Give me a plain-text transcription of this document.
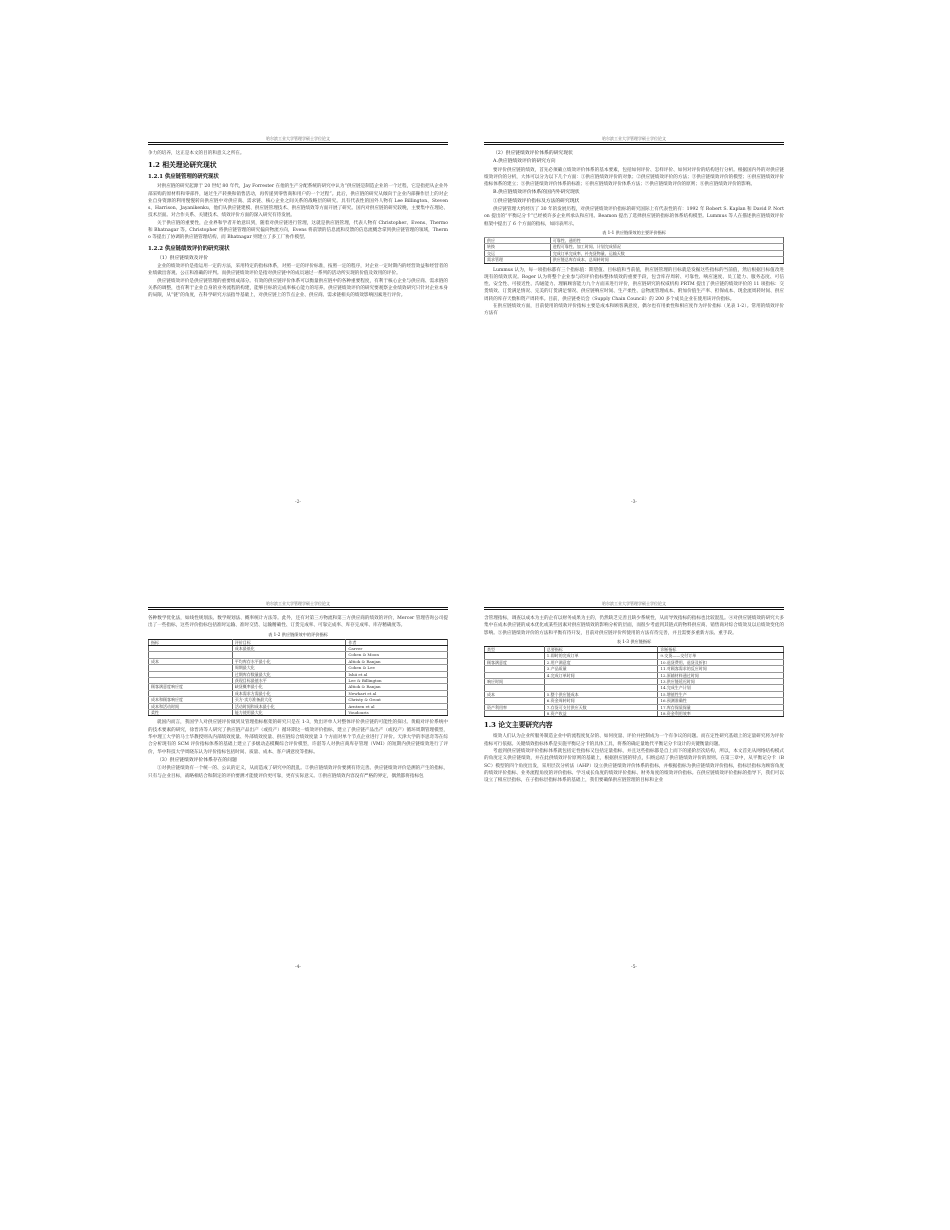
哈尔滨工业大学管理学硕士学位论文

争力的培养，这正是本文的目的和意义之所在。

1.2 相关理论研究现状
1.2.1 供应链管理的研究现状

对供应链的研究起源于 20 世纪 80 年代，Jay Forrester 在他的生产分配系统的研究中认为“供应链是制造企业的一个过程，它是指把从企业外部采购的原材料和零部件，通过生产转换和销售活动，再传递到零售商和用户的一个过程”。此后，供应链的研究从倾向于企业内部操作层上的对企业自身资源的利用慢慢转向供应链中对供应商、需求链、核心企业之间关系的战略层的研究。具有代表性的国外人物有 Lee Billington、Stevens、Harrison、Jayanikenku，他们从供应链建模、供应链管理技术、供应链绩效等方面开展了研究。国内对供应链的研究较晚，主要集中在理论、技术层面。对合作关系、关键技术、绩效评价方面的深入研究有待发展。

关于供应链的重要性，企业界和学者开始意识到，随着对供应链进行管理，这就是供应链管理，代表人物有 Christopher、Evens、Thermo 和 Bhatnagar 等。Christopher 将供应链管理的研究偏向物流方向，Evens 将前馈的信息流和反馈的信息流概念拿到供应链管理的领域，Thermo 等提出了协调的供应链管理结构，而 Bhatnagar 则建立了多工厂协作模型。

1.2.2 供应链绩效评价的研究现状
（1）供应链绩效及评价

企业的绩效评价是指运用一定的方法，采用特定的指标体系，对照一定的评价标准，按照一定的程序，对企业一定时期内的经营效益和经营者的业绩做出客观、公正和准确的评判。而供应链绩效评价是指对供应链中的成员通过一系列的活动所实现的价值及效用的评价。

供应链绩效评价是供应链管理的重要组成部分。有效的供应链评价体系可以衡量供应链中的各种重要程度，有利于核心企业与供应商、需求链的关系的调整，也有利于企业自身的业务流程的构建，能够目标的完成率核心能力的培养。供应链绩效评价的研究要观察企业绩效研究只针对企业本身的局限，从“链”的角度，在科学研究方法指导基础上，对供应链上的节点企业、供应商、需求链相关的绩效影响因素进行评价。

-2-
哈尔滨工业大学管理学硕士学位论文
（2）供应链绩效评价体系的研究现状
A.供应链绩效评价的研究方向

要评价供应链的绩效，首先必须确立绩效评价体系的基本要素，包括如何评价、怎样评价、如何对评价的结构进行分析。根据国内外的对供应链绩效评价的分析，大体可以分为以下几个方面：①供应链绩效评价的对象；②供应链绩效评价的方法；③供应链绩效评价的模型；④供应链绩效评价指标体系的建立；⑤供应链绩效评价体系的标准；⑥供应链绩效评价体系方法；⑦供应链绩效评价的原则；⑧供应链绩效评价的影响。

B.供应链绩效评价体系的国内外研究现状
①供应链绩效评价指标及方法的研究现状

供应链管理大约经历了 30 年的发展历程，对供应链绩效评价指标的研究国际上有代表性的有：1992 年 Robert S. Kaplan 和 David P. Norton 提出的“平衡记分卡”已经被许多企业所承认和应用。Beamon 提出了选择供应链的指标的体系结构模型。Lummus 等人在描述供应链绩效评价框架中提出了 6 个方面的指标，如同表所示。

表 1-1 供应链绩效的主要评价指标
供应	可靠性、通用性
转换	进程可靠性、加工时间、计划完成情况
交运	完成订单完成率、补充货物量、运输天数
需求管理	供应链总库存成本、总周转时间

Lummus 认为，每一项指标都有三个指标值：期望值、目标值和当前值，供应链管理的目标就是发掘这些指标的当前值，然后根据目标值改进现有的绩效状况。Roger 认为将整个企业参与的评价指标整体绩效的重要手段，包含库存周转、可靠性、响应速度、员工能力、服务态度、可信性、安全性、可接近性、沟通能力、理解顾客能力九个方面来进行评价，供应链研究的权威机构 PRTM 提出了供应链的绩效评价的 11 项指标：交货绩效、订货满足情况、完美的订货满足情况、供应链响应时间、生产柔性、总物流管理成本、附加价值生产率、担保成本、现金流周转时间、供应周转的库存天数和资产周转率。目前，供应链委员会（Supply Chain Council）的 200 多个成员企业在使用该评价指标。

在供应链绩效方面，目前使用的绩效评价指标主要是成本和顾客满意度，偶尔也有用柔性和相应度作为评价指标（见表 1-2）。常用的绩效评价方法有

-3-
哈尔滨工业大学管理学硕士学位论文

各种数学优化法，如线性规划法、数学规划法、概率统计方法等。此外，还有对第三方物流和第三方供应商的绩效的评价，Mercer 管理咨询公司提出了一些指标，这些评价指标包括准时运输、准时交货、运输精确性、订货完成率、可靠完成率、库存完成率、库存精确度等。

表 1-2 供应链绩效中的评价指标
指标	评价目标	作者
	成本最低化	Carver
		Cohen & Moon
成本	平均库存水平最小化	Altiok & Ranjan
	周期最大化	Cohen & Lee
	过期库存数量最大化	Ishii et al
	获现目标最值水平	Lee & Billington
顾客满意度响应度	缺货概率最小化	Altiok & Ranjan
	成本需求方需最小化	Newhart et al
成本和顾客响应度	买方-卖方准备最大化	Christy & Grout
成本和活动时间	活动时间和成本最小化	Arntzen et al
柔性	能力使用最大化	Voudouris

就国内而言，我国学人对供应链评价做到及管理指标框架的研究只是在 1-3，致出评单人对整体评价供应链的可能性的探讨。黄殿对评价系统中的技术要素的研究，徐晋涛等人研究了供应链产品出产（或投产）循环期这一绩效评价指标，建立了供应链产品出产（或投产）循环周期管理模型，华中理工大学的马士华教授则从内部绩效度量、外部绩效度量、供应链综合绩效度量 3 个方面对单个节点企业进行了评价。天津大学的李思奇等在综合分析现有的 SCM 评价指标体系的基础上建立了多级动态模糊综合评价模型，许湛等人对供应商库存管理（VMI）的短期内供应链绩效进行了评价，华中科技大学周晓东认为评价指标包括时间、质量、成本、客户满意度等指标。

（3）供应链绩效评价体系存在的问题

①对供应链绩效有一个统一的、公认的定义，从而造成了研究中的混乱。②供应链绩效评价要测有待完善。供应链绩效评价是测的产生的指标，只有与企业目标，战略相结合和制定的评价要测才能使评价更可靠，更有实际意义。③供应链绩效内容没有严格的界定，偶然都将指标包

-4-
哈尔滨工业大学管理学硕士学位论文

含管理指标，调查以成本为主的企有以财务成果为主的，仍然缺乏完善且缺少系统性，从而导致指标的指标也比较混乱。④对供应链绩效的研究大多集中在成本供应链的成本优化或某些因素对供应链绩效的影响分析的层面，而很少考虑到其链式的物料供应商、销售商对综合绩效及以后绩效变化的影响。⑤供应链绩效评价的方法和平衡有待开发，目前对供应链评价所使用的方法有待完善，并且需要多重新方法、重手段。

表 1-3 供应链指标
类型	总要指标	诊断指标
	1.即时的完成订单	9.交货——交付订单
顾客满意度	2.用户满意度	10.退货费用、退货及折扣
	3.产品质量	11.对顾客需求的反应时间
	4.完成订单时间	12.原辅材料通过时间
响应时间		13.供应链延迟时间
		14.完成生产计划
成本	5.整个供应链成本	15.增值性生产
	6.资金周转时间	16.预测准确性
资产利用率	7.存货可支付供应天数	17.库存保质保量
	8.资产收益	18.资金利用效率
1.3 论文主要研究内容

绩效人们认为企业所服务制造企业中的流程度复杂的、如何度量、评价并控制成为一个有争议的问题。而在定性研究基础上的定量研究将为评价指标可行依据。关键绩效指标体系是实施平衡记分卡的具体工具，将系的确定量地代平衡记分卡设计的关键衡量问题。

考虑到供应链绩效评价指标体系就包括定性指标又包括定量指标，并且这些指标都是自上而下的递阶层次结构，所以，本文首先从网络结构模式的角度定义供应链绩效，并在此供绩效评价原则的基础上，根据供应链的特点，归纳总结了供应链绩效评价的原则。在第三章中，从平衡记分卡（BSC）模型的四个角度出发，采用层次分析法（AHP）设立供应链绩效评价体系的指标，并根据指标为供应链绩效评价指标，指标层指标为顾客角度的绩效评价指标、业务流程角度的评价指标、学习成长角度的绩效评价指标、财务角度的绩效评价指标。在供应链绩效评价指标的指导下，我们可以设立了相应层指标，在子指标层指标体系的基础上，我们要确保供应链管理的目标和企业

-5-
